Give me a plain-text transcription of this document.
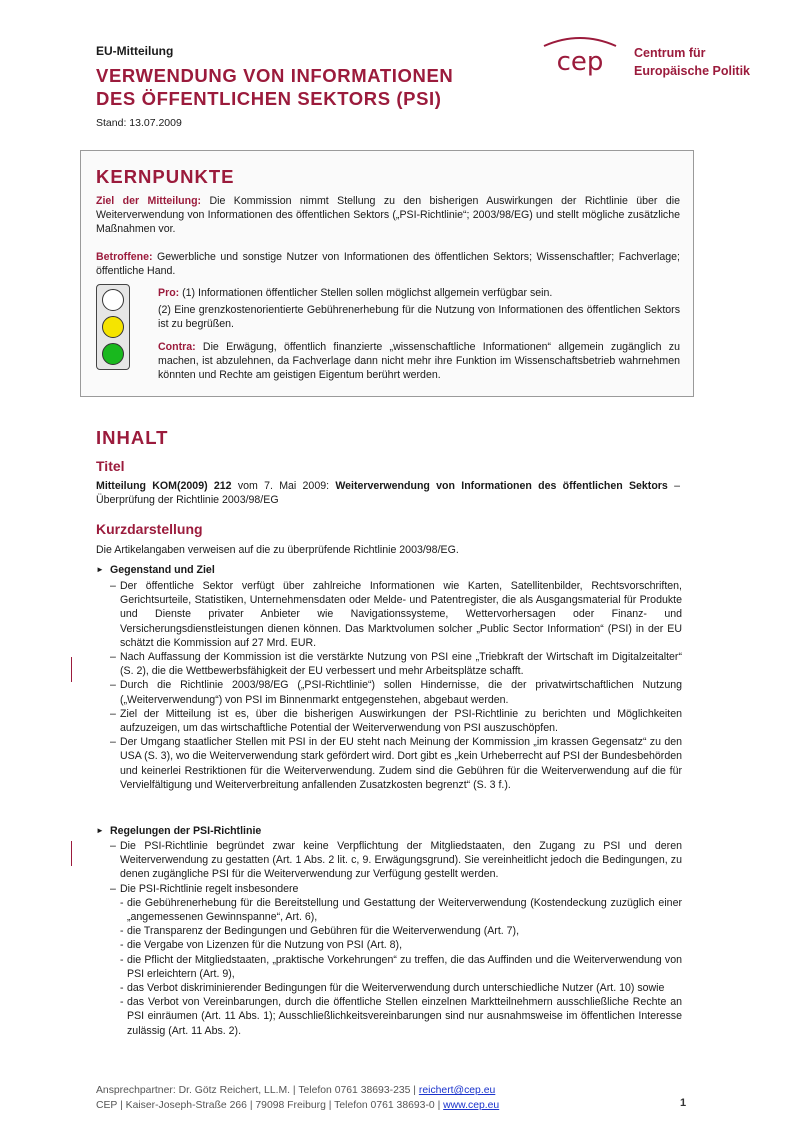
EU-Mitteilung
VERWENDUNG VON INFORMATIONEN
DES ÖFFENTLICHEN SEKTORS (PSI)
Stand: 13.07.2009
cep Centrum für
Europäische Politik
KERNPUNKTE
Ziel der Mitteilung: Die Kommission nimmt Stellung zu den bisherigen Auswirkungen der Richtlinie über die Weiterverwendung von Informationen des öffentlichen Sektors („PSI-Richtlinie“; 2003/98/EG) und stellt mögliche zusätzliche Maßnahmen vor.
Betroffene: Gewerbliche und sonstige Nutzer von Informationen des öffentlichen Sektors; Wissenschaftler; Fachverlage; öffentliche Hand.
Pro: (1) Informationen öffentlicher Stellen sollen möglichst allgemein verfügbar sein.
(2) Eine grenzkostenorientierte Gebührenerhebung für die Nutzung von Informationen des öffentlichen Sektors ist zu begrüßen.
Contra: Die Erwägung, öffentlich finanzierte „wissenschaftliche Informationen“ allgemein zugänglich zu machen, ist abzulehnen, da Fachverlage dann nicht mehr ihre Funktion im Wissenschaftsbetrieb wahrnehmen könnten und Rechte am geistigen Eigentum berührt werden.
INHALT
Titel
Mitteilung KOM(2009) 212 vom 7. Mai 2009: Weiterverwendung von Informationen des öffentlichen Sektors – Überprüfung der Richtlinie 2003/98/EG
Kurzdarstellung
Die Artikelangaben verweisen auf die zu überprüfende Richtlinie 2003/98/EG.
► Gegenstand und Ziel
– Der öffentliche Sektor verfügt über zahlreiche Informationen wie Karten, Satellitenbilder, Rechtsvorschriften, Gerichtsurteile, Statistiken, Unternehmensdaten oder Melde- und Patentregister, die als Ausgangsmaterial für Produkte und Dienste privater Anbieter wie Navigationssysteme, Wettervorhersagen oder Finanz- und Versicherungsdienstleistungen dienen können. Das Marktvolumen solcher „Public Sector Information“ (PSI) in der EU schätzt die Kommission auf 27 Mrd. EUR.
– Nach Auffassung der Kommission ist die verstärkte Nutzung von PSI eine „Triebkraft der Wirtschaft im Digitalzeitalter“ (S. 2), die die Wettbewerbsfähigkeit der EU verbessert und mehr Arbeitsplätze schafft.
– Durch die Richtlinie 2003/98/EG („PSI-Richtlinie“) sollen Hindernisse, die der privatwirtschaftlichen Nutzung („Weiterverwendung“) von PSI im Binnenmarkt entgegenstehen, abgebaut werden.
– Ziel der Mitteilung ist es, über die bisherigen Auswirkungen der PSI-Richtlinie zu berichten und Möglichkeiten aufzuzeigen, um das wirtschaftliche Potential der Weiterverwendung von PSI auszuschöpfen.
– Der Umgang staatlicher Stellen mit PSI in der EU steht nach Meinung der Kommission „im krassen Gegensatz“ zu den USA (S. 3), wo die Weiterverwendung stark gefördert wird. Dort gibt es „kein Urheberrecht auf PSI der Bundesbehörden und keinerlei Restriktionen für die Weiterverwendung. Zudem sind die Gebühren für die Weiterverwendung auf die für Vervielfältigung und Weiterverbreitung anfallenden Zusatzkosten begrenzt“ (S. 3 f.).
► Regelungen der PSI-Richtlinie
– Die PSI-Richtlinie begründet zwar keine Verpflichtung der Mitgliedstaaten, den Zugang zu PSI und deren Weiterverwendung zu gestatten (Art. 1 Abs. 2 lit. c, 9. Erwägungsgrund). Sie vereinheitlicht jedoch die Bedingungen, zu denen zugängliche PSI für die Weiterverwendung zur Verfügung gestellt werden.
– Die PSI-Richtlinie regelt insbesondere
- die Gebührenerhebung für die Bereitstellung und Gestattung der Weiterverwendung (Kostendeckung zuzüglich einer „angemessenen Gewinnspanne“, Art. 6),
- die Transparenz der Bedingungen und Gebühren für die Weiterverwendung (Art. 7),
- die Vergabe von Lizenzen für die Nutzung von PSI (Art. 8),
- die Pflicht der Mitgliedstaaten, „praktische Vorkehrungen“ zu treffen, die das Auffinden und die Weiterverwendung von PSI erleichtern (Art. 9),
- das Verbot diskriminierender Bedingungen für die Weiterverwendung durch unterschiedliche Nutzer (Art. 10) sowie
- das Verbot von Vereinbarungen, durch die öffentliche Stellen einzelnen Marktteilnehmern ausschließliche Rechte an PSI einräumen (Art. 11 Abs. 1); Ausschließlichkeitsvereinbarungen sind nur ausnahmsweise im öffentlichen Interesse zulässig (Art. 11 Abs. 2).
Ansprechpartner: Dr. Götz Reichert, LL.M. | Telefon 0761 38693-235 | reichert@cep.eu
CEP | Kaiser-Joseph-Straße 266 | 79098 Freiburg | Telefon 0761 38693-0 | www.cep.eu	1
